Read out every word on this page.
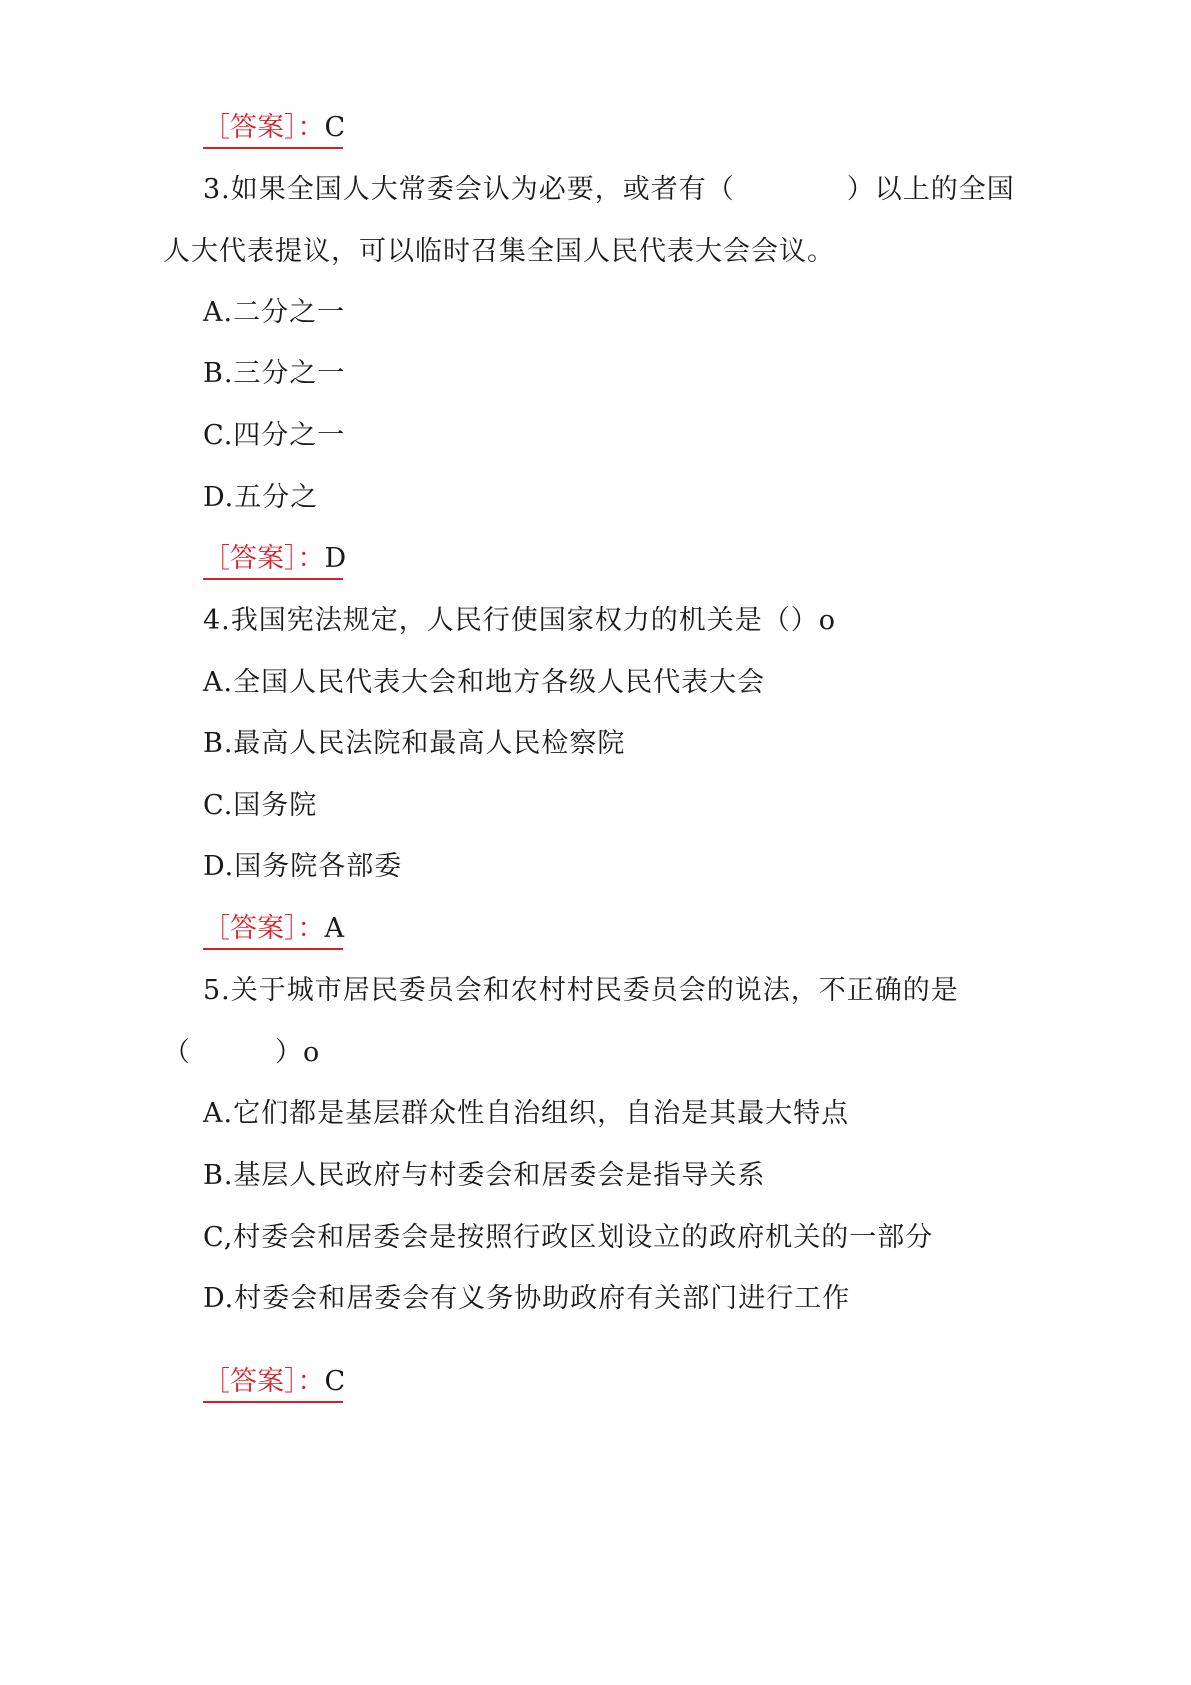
［答案］：C
3.如果全国人大常委会认为必要，或者有（　　　　）以上的全国
人大代表提议，可以临时召集全国人民代表大会会议。
A.二分之一
B.三分之一
C.四分之一
D.五分之
［答案］：D
4.我国宪法规定，人民行使国家权力的机关是（）o
A.全国人民代表大会和地方各级人民代表大会
B.最高人民法院和最高人民检察院
C.国务院
D.国务院各部委
［答案］：A
5.关于城市居民委员会和农村村民委员会的说法，不正确的是
（　　　）o
A.它们都是基层群众性自治组织，自治是其最大特点
B.基层人民政府与村委会和居委会是指导关系
C,村委会和居委会是按照行政区划设立的政府机关的一部分
D.村委会和居委会有义务协助政府有关部门进行工作
［答案］：C
